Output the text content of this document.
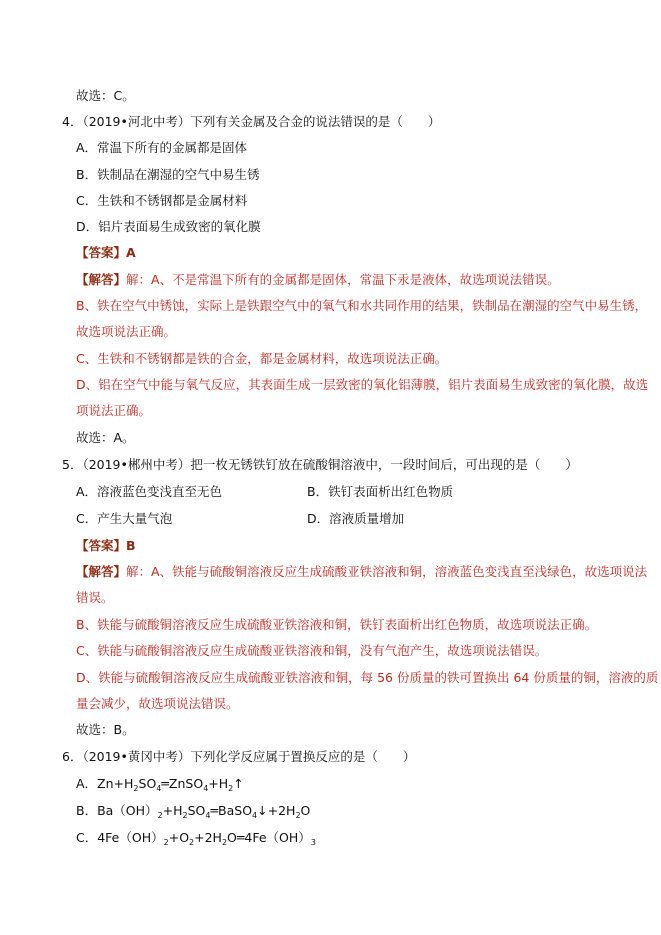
故选：C。
4．（2019•河北中考）下列有关金属及合金的说法错误的是（　　）
A．常温下所有的金属都是固体
B．铁制品在潮湿的空气中易生锈
C．生铁和不锈钢都是金属材料
D．铝片表面易生成致密的氧化膜
【答案】A
【解答】解：A、不是常温下所有的金属都是固体，常温下汞是液体，故选项说法错误。
B、铁在空气中锈蚀，实际上是铁跟空气中的氧气和水共同作用的结果，铁制品在潮湿的空气中易生锈，
故选项说法正确。
C、生铁和不锈钢都是铁的合金，都是金属材料，故选项说法正确。
D、铝在空气中能与氧气反应，其表面生成一层致密的氧化铝薄膜，铝片表面易生成致密的氧化膜，故选
项说法正确。
故选：A。
5．（2019•郴州中考）把一枚无锈铁钉放在硫酸铜溶液中，一段时间后，可出现的是（　　）
A．溶液蓝色变浅直至无色	B．铁钉表面析出红色物质
C．产生大量气泡	D．溶液质量增加
【答案】B
【解答】解：A、铁能与硫酸铜溶液反应生成硫酸亚铁溶液和铜，溶液蓝色变浅直至浅绿色，故选项说法
错误。
B、铁能与硫酸铜溶液反应生成硫酸亚铁溶液和铜，铁钉表面析出红色物质，故选项说法正确。
C、铁能与硫酸铜溶液反应生成硫酸亚铁溶液和铜，没有气泡产生，故选项说法错误。
D、铁能与硫酸铜溶液反应生成硫酸亚铁溶液和铜，每 56 份质量的铁可置换出 64 份质量的铜，溶液的质
量会减少，故选项说法错误。
故选：B。
6．（2019•黄冈中考）下列化学反应属于置换反应的是（　　）
A．$Zn+H_2SO_4═ZnSO_4+H_2↑$
B．$Ba(OH)_2+H_2SO_4═BaSO_4↓+2H_2O$
C．$4Fe(OH)_2+O_2+2H_2O═4Fe(OH)_3$
